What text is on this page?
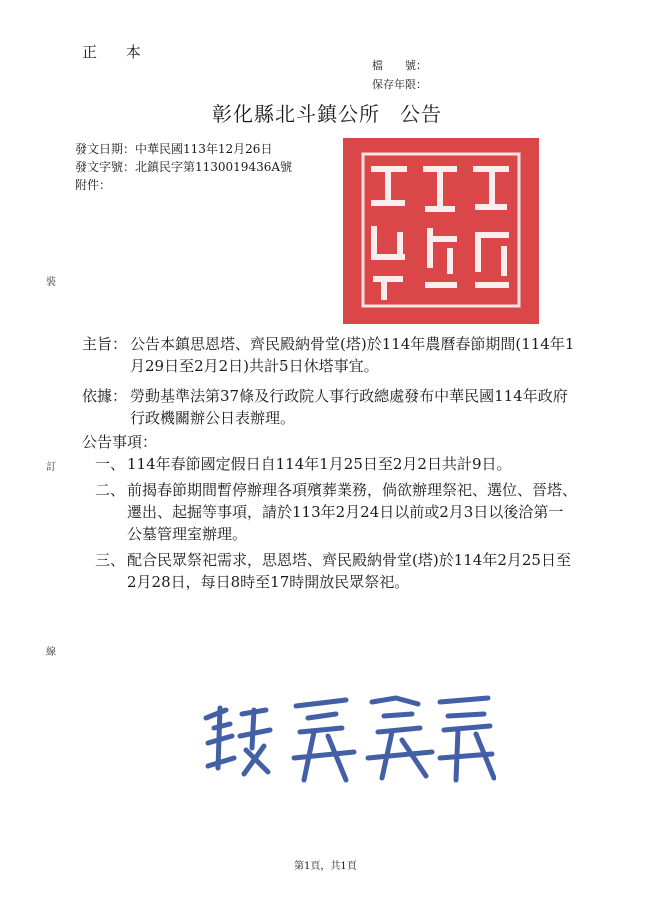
正 本
檔　　號：
保存年限：
彰化縣北斗鎮公所 公告
發文日期：中華民國113年12月26日
發文字號：北鎮民字第1130019436A號
附件：
裝
訂
線
主旨： 公告本鎮思恩塔、齊民殿納骨堂(塔)於114年農曆春節期間(114年1月29日至2月2日)共計5日休塔事宜。
依據： 勞動基準法第37條及行政院人事行政總處發布中華民國114年政府行政機關辦公日表辦理。
公告事項：
一、 114年春節國定假日自114年1月25日至2月2日共計9日。
二、 前揭春節期間暫停辦理各項殯葬業務，倘欲辦理祭祀、選位、晉塔、遷出、起掘等事項，請於113年2月24日以前或2月3日以後洽第一公墓管理室辦理。
三、 配合民眾祭祀需求，思恩塔、齊民殿納骨堂(塔)於114年2月25日至2月28日，每日8時至17時開放民眾祭祀。
第1頁，共1頁
